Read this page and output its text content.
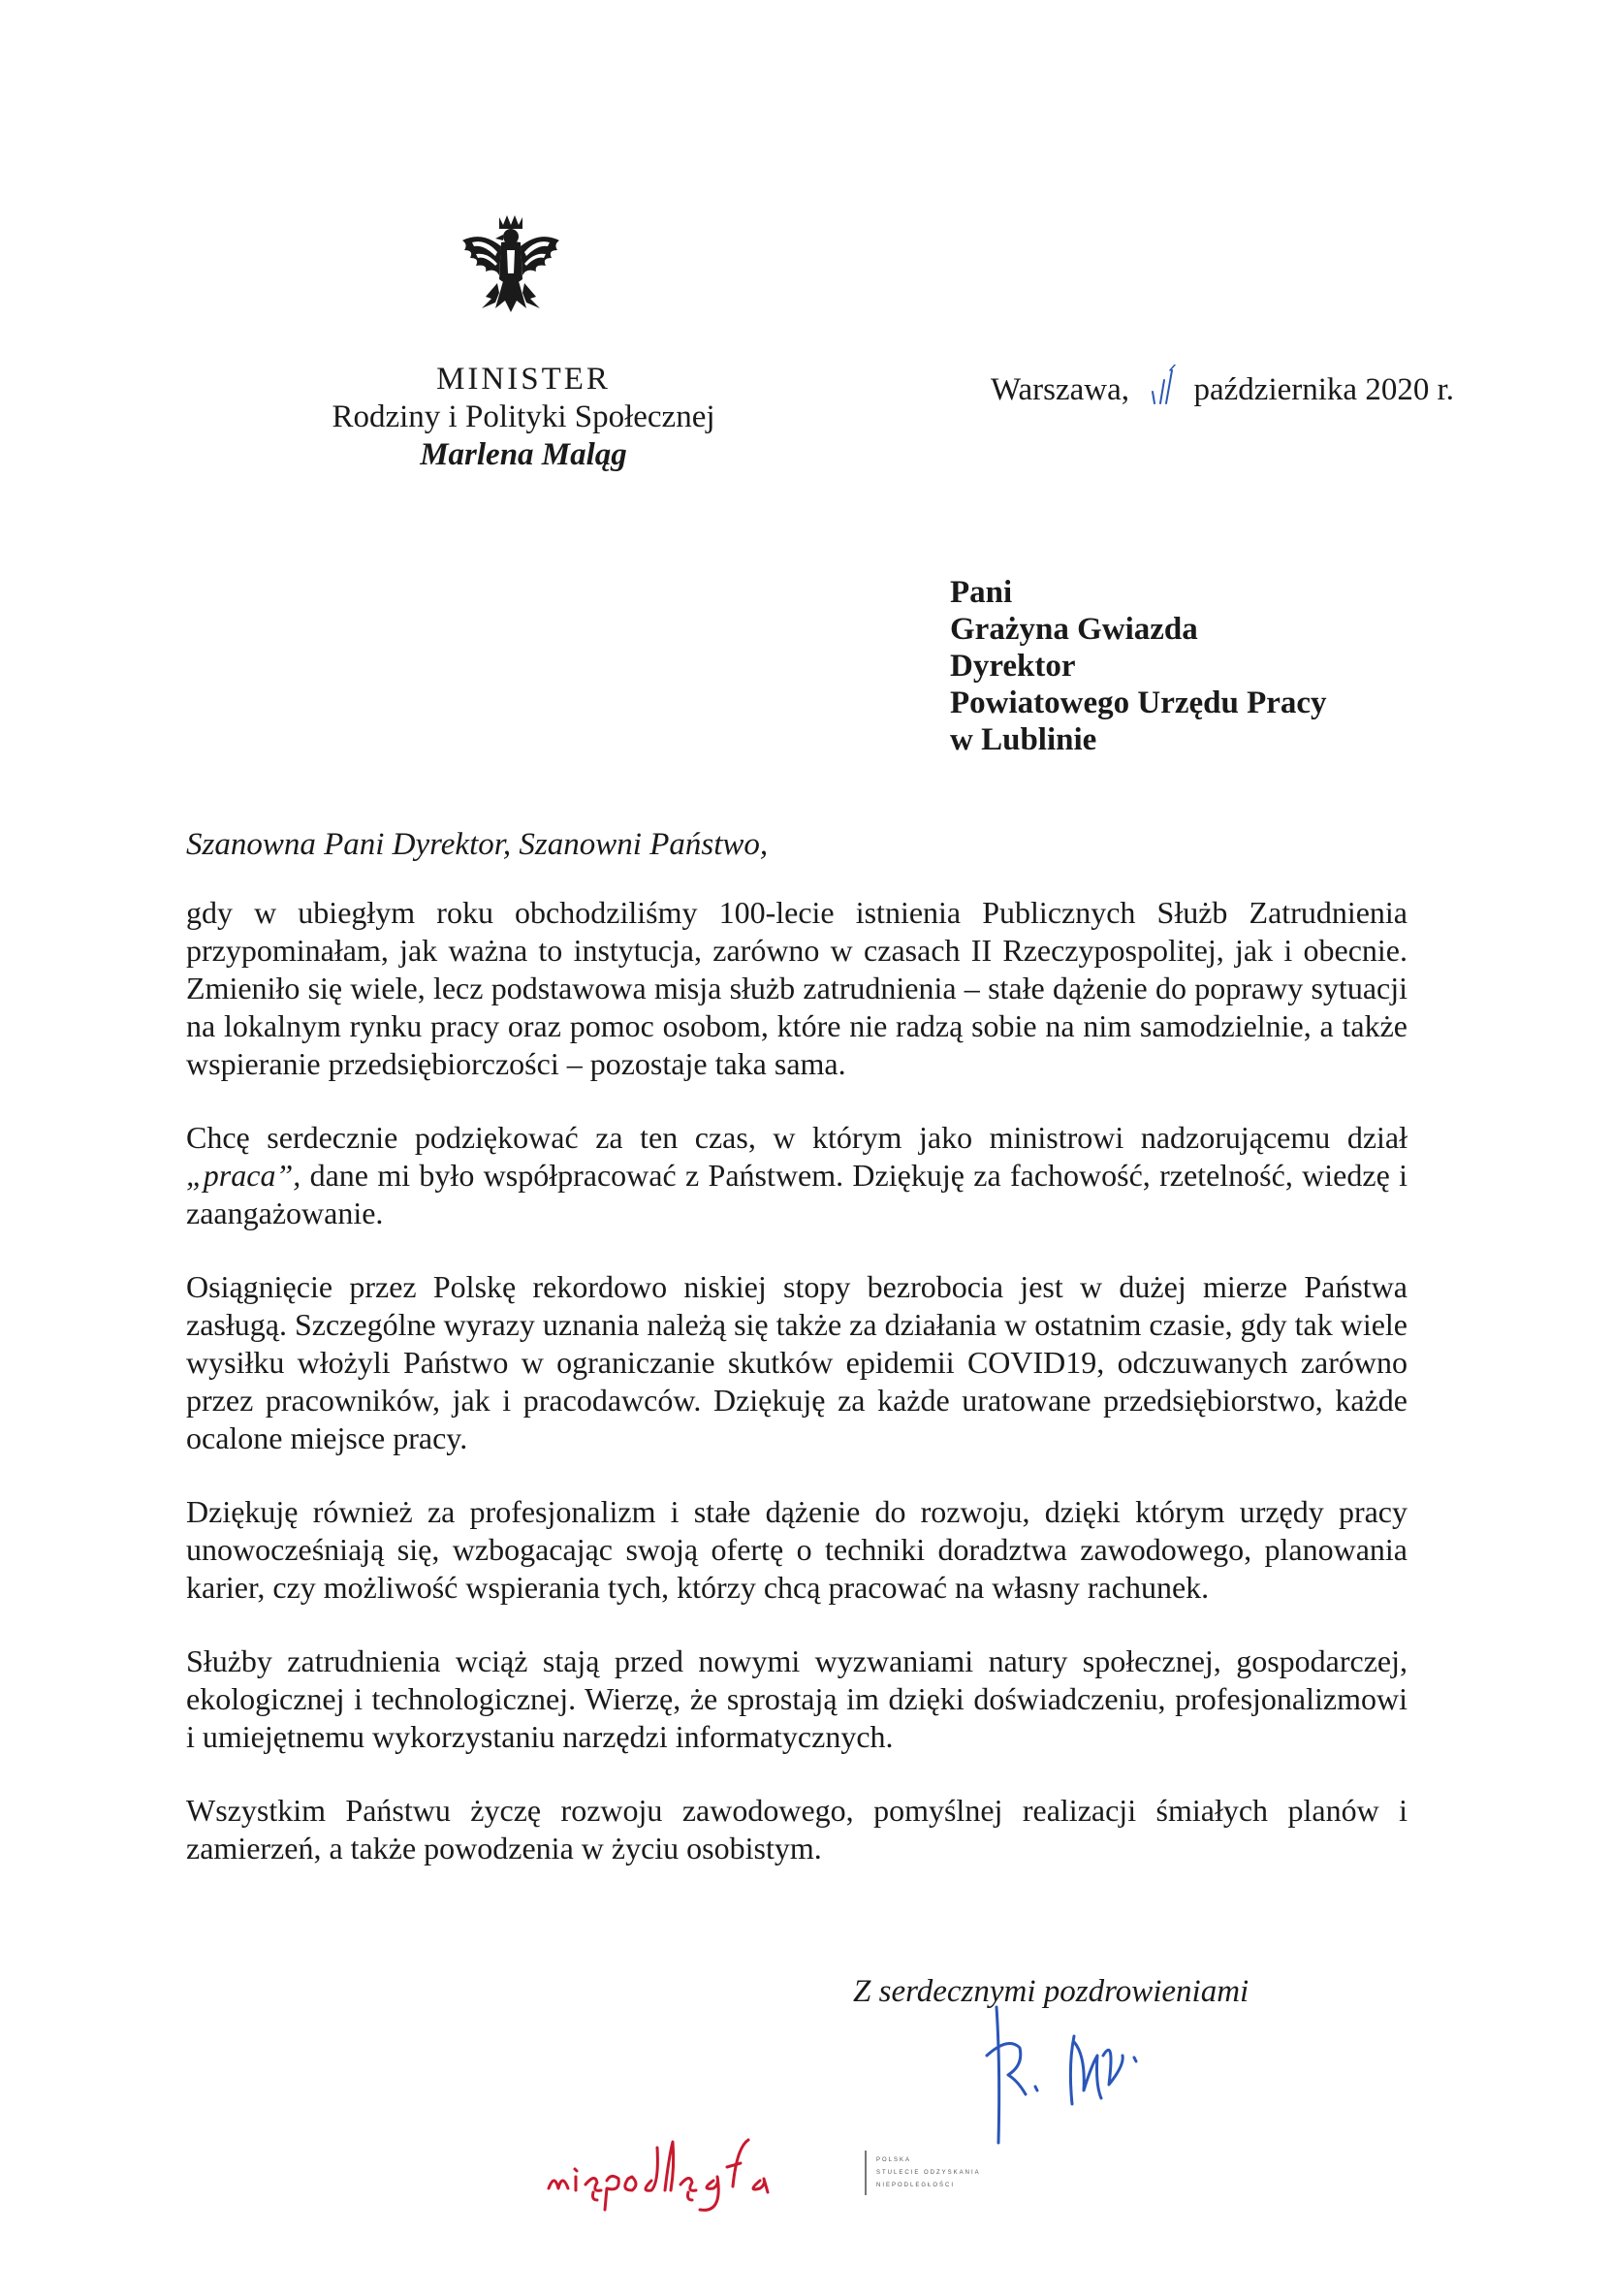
MINISTER
Rodziny i Polityki Społecznej
Marlena Maląg
Warszawa, października 2020 r.
Pani
Grażyna Gwiazda
Dyrektor
Powiatowego Urzędu Pracy
w Lublinie
Szanowna Pani Dyrektor, Szanowni Państwo,

gdy w ubiegłym roku obchodziliśmy 100-lecie istnienia Publicznych Służb Zatrudnienia przypominałam, jak ważna to instytucja, zarówno w czasach II Rzeczypospolitej, jak i obecnie. Zmieniło się wiele, lecz podstawowa misja służb zatrudnienia – stałe dążenie do poprawy sytuacji na lokalnym rynku pracy oraz pomoc osobom, które nie radzą sobie na nim samodzielnie, a także wspieranie przedsiębiorczości – pozostaje taka sama.

Chcę serdecznie podziękować za ten czas, w którym jako ministrowi nadzorującemu dział „praca”, dane mi było współpracować z Państwem. Dziękuję za fachowość, rzetelność, wiedzę i zaangażowanie.

Osiągnięcie przez Polskę rekordowo niskiej stopy bezrobocia jest w dużej mierze Państwa zasługą. Szczególne wyrazy uznania należą się także za działania w ostatnim czasie, gdy tak wiele wysiłku włożyli Państwo w ograniczanie skutków epidemii COVID19, odczuwanych zarówno przez pracowników, jak i pracodawców. Dziękuję za każde uratowane przedsiębiorstwo, każde ocalone miejsce pracy.

Dziękuję również za profesjonalizm i stałe dążenie do rozwoju, dzięki którym urzędy pracy unowocześniają się, wzbogacając swoją ofertę o techniki doradztwa zawodowego, planowania karier, czy możliwość wspierania tych, którzy chcą pracować na własny rachunek.

Służby zatrudnienia wciąż stają przed nowymi wyzwaniami natury społecznej, gospodarczej, ekologicznej i technologicznej. Wierzę, że sprostają im dzięki doświadczeniu, profesjonalizmowi i umiejętnemu wykorzystaniu narzędzi informatycznych.

Wszystkim Państwu życzę rozwoju zawodowego, pomyślnej realizacji śmiałych planów i zamierzeń, a także powodzenia w życiu osobistym.

Z serdecznymi pozdrowieniami
POLSKA
STULECIE ODZYSKANIA
NIEPODLEGŁOŚCI
